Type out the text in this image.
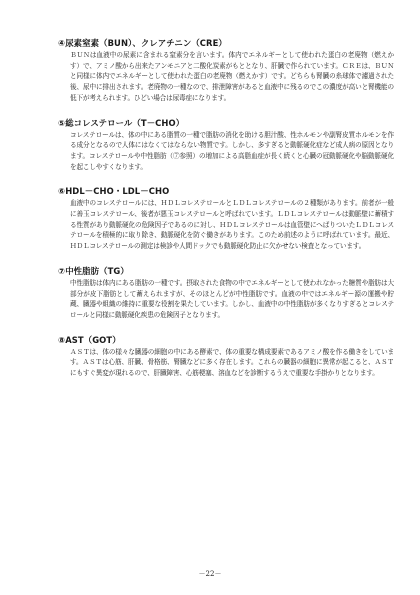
④尿素窒素（BUN）、クレアチニン（CRE）

ＢＵＮは血液中の尿素に含まれる窒素分を言います。体内でエネルギーとして使われた蛋白の老廃物（燃えかす）で、アミノ酸から出来たアンモニアと二酸化炭素がもととなり、肝臓で作られています。ＣＲＥは、ＢＵＮと同様に体内でエネルギーとして使われた蛋白の老廃物（燃えかす）です。どちらも腎臓の糸球体で濾過された後、尿中に排出されます。老廃物の一種なので、排泄障害があると血液中に残るのでこの濃度が高いと腎機能の低下が考えられます。ひどい場合は尿毒症になります。

⑤総コレステロール（T－CHO）

コレステロールは、体の中にある脂質の一種で脂肪の消化を助ける胆汁酸、性ホルモンや副腎皮質ホルモンを作る成分となるので人体にはなくてはならない物質です。しかし、多すぎると動脈硬化症など成人病の原因となります。コレステロールや中性脂肪（⑦参照）の増加による高脂血症が長く続くと心臓の冠動脈硬化や脳動脈硬化を起こしやすくなります。

⑥HDL－CHO・LDL－CHO

血液中のコレステロールには、ＨＤＬコレステロールとＬＤＬコレステロールの２種類があります。前者が一般に善玉コレステロール、後者が悪玉コレステロールと呼ばれています。ＬＤＬコレステロールは動脈壁に蓄積する性質があり動脈硬化の危険因子であるのに対し、ＨＤＬコレステロールは血管壁にへばりついたＬＤＬコレステロールを積極的に取り除き、動脈硬化を防ぐ働きがあります。このため前述のように呼ばれています。最近、ＨＤＬコレステロールの測定は検診や人間ドックでも動脈硬化防止に欠かせない検査となっています。

⑦中性脂肪（TG）

中性脂肪は体内にある脂肪の一種です。摂取された食物の中でエネルギーとして使われなかった糖質や脂肪は大部分が皮下脂肪として蓄えられますが、そのほとんどが中性脂肪です。血液の中ではエネルギー源の運搬や貯蔵、臓器や組織の維持に重要な役割を果たしています。しかし、血液中の中性脂肪が多くなりすぎるとコレステロールと同様に動脈硬化疾患の危険因子となります。

⑧AST（GOT）

ＡＳＴは、体の様々な臓器の細胞の中にある酵素で、体の重要な構成要素であるアミノ酸を作る働きをしています。ＡＳＴは心筋、肝臓、骨格筋、腎臓などに多く存在します。これらの臓器の細胞に異常が起こると、ＡＳＴにもすぐ異変が現れるので、肝臓障害、心筋梗塞、溶血などを診断するうえで重要な手掛かりとなります。

－22－
